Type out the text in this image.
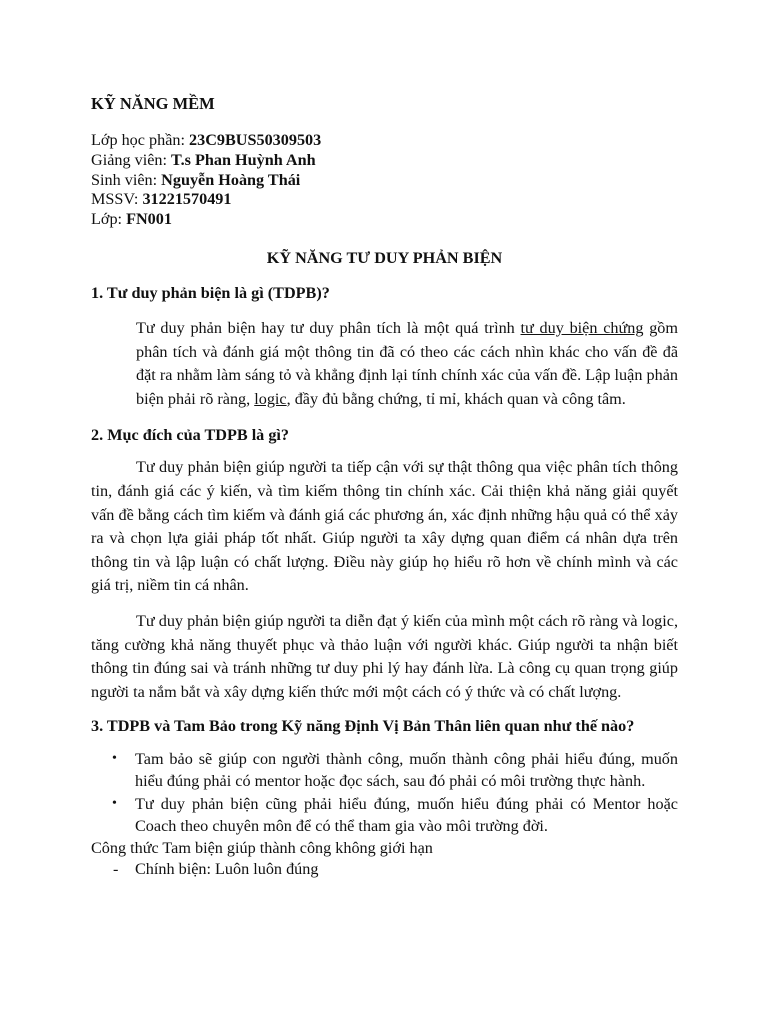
KỸ NĂNG MỀM

Lớp học phần: 23C9BUS50309503

Giảng viên: T.s Phan Huỳnh Anh

Sinh viên: Nguyễn Hoàng Thái

MSSV: 31221570491

Lớp: FN001

KỸ NĂNG TƯ DUY PHẢN BIỆN
1. Tư duy phản biện là gì (TDPB)?

Tư duy phản biện hay tư duy phân tích là một quá trình tư duy biện chứng gồm phân tích và đánh giá một thông tin đã có theo các cách nhìn khác cho vấn đề đã đặt ra nhằm làm sáng tỏ và khẳng định lại tính chính xác của vấn đề. Lập luận phản biện phải rõ ràng, logic, đầy đủ bằng chứng, tỉ mỉ, khách quan và công tâm.

2. Mục đích của TDPB là gì?

Tư duy phản biện giúp người ta tiếp cận với sự thật thông qua việc phân tích thông tin, đánh giá các ý kiến, và tìm kiếm thông tin chính xác. Cải thiện khả năng giải quyết vấn đề bằng cách tìm kiếm và đánh giá các phương án, xác định những hậu quả có thể xảy ra và chọn lựa giải pháp tốt nhất. Giúp người ta xây dựng quan điểm cá nhân dựa trên thông tin và lập luận có chất lượng. Điều này giúp họ hiểu rõ hơn về chính mình và các giá trị, niềm tin cá nhân.

Tư duy phản biện giúp người ta diễn đạt ý kiến của mình một cách rõ ràng và logic, tăng cường khả năng thuyết phục và thảo luận với người khác. Giúp người ta nhận biết thông tin đúng sai và tránh những tư duy phi lý hay đánh lừa. Là công cụ quan trọng giúp người ta nắm bắt và xây dựng kiến thức mới một cách có ý thức và có chất lượng.

3. TDPB và Tam Bảo trong Kỹ năng Định Vị Bản Thân liên quan như thế nào?
• Tam bảo sẽ giúp con người thành công, muốn thành công phải hiểu đúng, muốn hiểu đúng phải có mentor hoặc đọc sách, sau đó phải có môi trường thực hành.
• Tư duy phản biện cũng phải hiểu đúng, muốn hiểu đúng phải có Mentor hoặc Coach theo chuyên môn để có thể tham gia vào môi trường đời.

Công thức Tam biện giúp thành công không giới hạn

- Chính biện: Luôn luôn đúng
